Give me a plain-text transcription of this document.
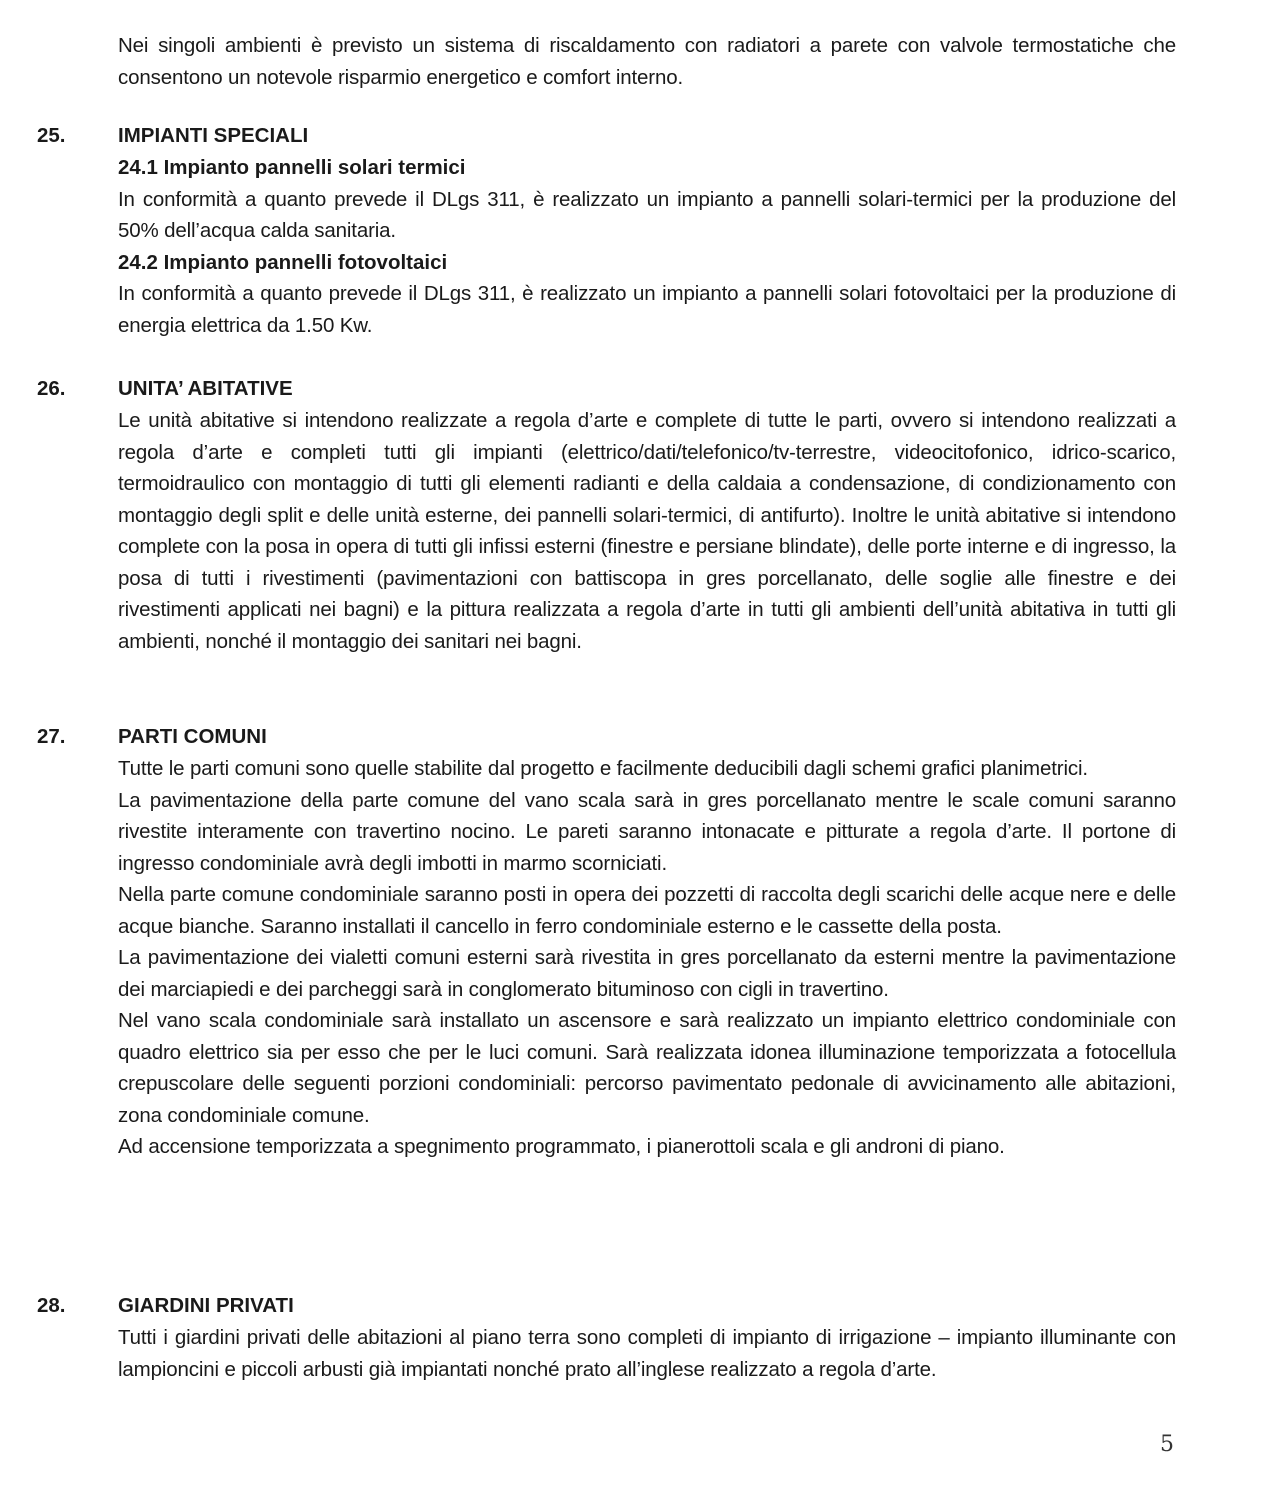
Nei singoli ambienti è previsto un sistema di riscaldamento con radiatori a parete con valvole termostatiche che consentono un notevole risparmio energetico e comfort interno.

25.	IMPIANTI SPECIALI

24.1 Impianto pannelli solari termici

In conformità a quanto prevede il DLgs 311, è realizzato un impianto a pannelli solari-termici per la produzione del 50% dell’acqua calda sanitaria.

24.2 Impianto pannelli fotovoltaici

In conformità a quanto prevede il DLgs 311, è realizzato un impianto a pannelli solari fotovoltaici per la produzione di energia elettrica da 1.50 Kw.

26.	UNITA’ ABITATIVE

Le unità abitative si intendono realizzate a regola d’arte e complete di tutte le parti, ovvero si intendono realizzati a regola d’arte e completi tutti gli impianti (elettrico/dati/telefonico/tv-terrestre, videocitofonico, idrico-scarico, termoidraulico con montaggio di tutti gli elementi radianti e della caldaia a condensazione, di condizionamento con montaggio degli split e delle unità esterne, dei pannelli solari-termici, di antifurto). Inoltre le unità abitative si intendono complete con la posa in opera di tutti gli infissi esterni (finestre e persiane blindate), delle porte interne e di ingresso, la posa di tutti i rivestimenti (pavimentazioni con battiscopa in gres porcellanato, delle soglie alle finestre e dei rivestimenti applicati nei bagni) e la pittura realizzata a regola d’arte in tutti gli ambienti dell’unità abitativa in tutti gli ambienti, nonché il montaggio dei sanitari nei bagni.

27.	PARTI COMUNI

Tutte le parti comuni sono quelle stabilite dal progetto e facilmente deducibili dagli schemi grafici planimetrici.

La pavimentazione della parte comune del vano scala sarà in gres porcellanato mentre le scale comuni saranno rivestite interamente con travertino nocino. Le pareti saranno intonacate e pitturate a regola d’arte. Il portone di ingresso condominiale avrà degli imbotti in marmo scorniciati.

Nella parte comune condominiale saranno posti in opera dei pozzetti di raccolta degli scarichi delle acque nere e delle acque bianche. Saranno installati il cancello in ferro condominiale esterno e le cassette della posta.

La pavimentazione dei vialetti comuni esterni sarà rivestita in gres porcellanato da esterni mentre la pavimentazione dei marciapiedi e dei parcheggi sarà in conglomerato bituminoso con cigli in travertino.

Nel vano scala condominiale sarà installato un ascensore e sarà realizzato un impianto elettrico condominiale con quadro elettrico sia per esso che per le luci comuni. Sarà realizzata idonea illuminazione temporizzata a fotocellula crepuscolare delle seguenti porzioni condominiali: percorso pavimentato pedonale di avvicinamento alle abitazioni, zona condominiale comune.

Ad accensione temporizzata a spegnimento programmato, i pianerottoli scala e gli androni di piano.

28.	GIARDINI PRIVATI

Tutti i giardini privati delle abitazioni al piano terra sono completi di impianto di irrigazione – impianto illuminante con lampioncini e piccoli arbusti già impiantati nonché prato all’inglese realizzato a regola d’arte.

5
